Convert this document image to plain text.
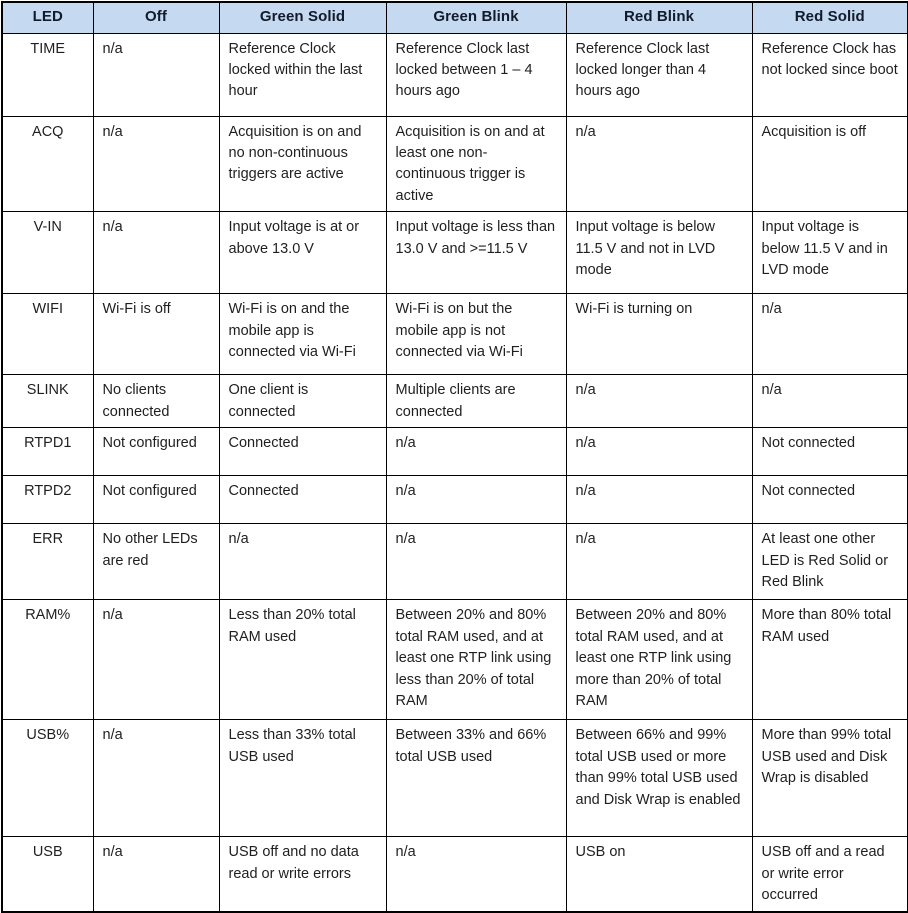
LED	Off	Green Solid	Green Blink	Red Blink	Red Solid
TIME	n/a	Reference Clock locked within the last hour	Reference Clock last locked between 1 – 4 hours ago	Reference Clock last locked longer than 4 hours ago	Reference Clock has not locked since boot
ACQ	n/a	Acquisition is on and no non-continuous triggers are active	Acquisition is on and at least one non-continuous trigger is active	n/a	Acquisition is off
V-IN	n/a	Input voltage is at or above 13.0 V	Input voltage is less than 13.0 V and >=11.5 V	Input voltage is below 11.5 V and not in LVD mode	Input voltage is below 11.5 V and in LVD mode
WIFI	Wi-Fi is off	Wi-Fi is on and the mobile app is connected via Wi-Fi	Wi-Fi is on but the mobile app is not connected via Wi-Fi	Wi-Fi is turning on	n/a
SLINK	No clients connected	One client is connected	Multiple clients are connected	n/a	n/a
RTPD1	Not configured	Connected	n/a	n/a	Not connected
RTPD2	Not configured	Connected	n/a	n/a	Not connected
ERR	No other LEDs are red	n/a	n/a	n/a	At least one other LED is Red Solid or Red Blink
RAM%	n/a	Less than 20% total RAM used	Between 20% and 80% total RAM used, and at least one RTP link using less than 20% of total RAM	Between 20% and 80% total RAM used, and at least one RTP link using more than 20% of total RAM	More than 80% total RAM used
USB%	n/a	Less than 33% total USB used	Between 33% and 66% total USB used	Between 66% and 99% total USB used or more than 99% total USB used and Disk Wrap is enabled	More than 99% total USB used and Disk Wrap is disabled
USB	n/a	USB off and no data read or write errors	n/a	USB on	USB off and a read or write error occurred
